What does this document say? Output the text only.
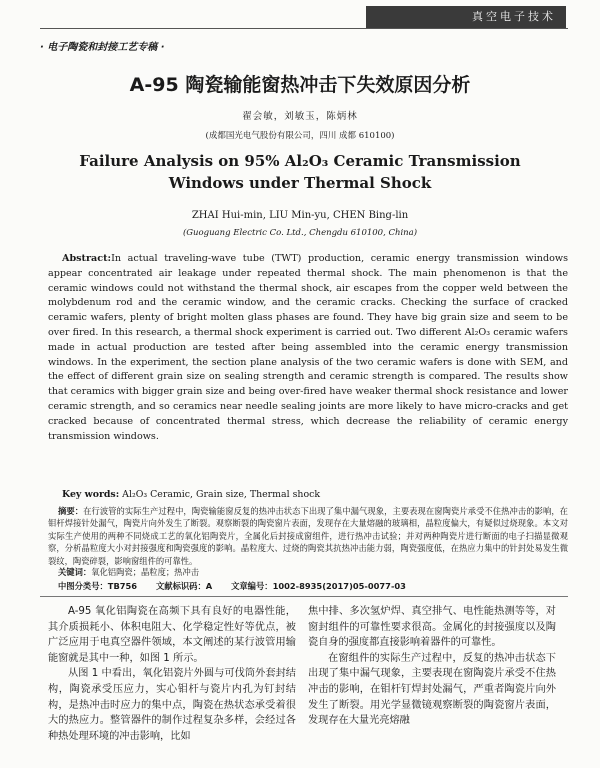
真空电子技术
· 电子陶瓷和封接工艺专稿 ·
A-95 陶瓷输能窗热冲击下失效原因分析
翟会敏，刘敏玉，陈炳林
(成都国光电气股份有限公司，四川 成都 610100)
Failure Analysis on 95% Al₂O₃ Ceramic Transmission
Windows under Thermal Shock
ZHAI Hui-min, LIU Min-yu, CHEN Bing-lin
(Guoguang Electric Co. Ltd., Chengdu 610100, China)
Abstract:In actual traveling-wave tube (TWT) production, ceramic energy transmission windows appear concentrated air leakage under repeated thermal shock. The main phenomenon is that the ceramic windows could not withstand the thermal shock, air escapes from the copper weld between the molybdenum rod and the ceramic window, and the ceramic cracks. Checking the surface of cracked ceramic wafers, plenty of bright molten glass phases are found. They have big grain size and seem to be over fired. In this research, a thermal shock experiment is carried out. Two different Al₂O₃ ceramic wafers made in actual production are tested after being assembled into the ceramic energy transmission windows. In the experiment, the section plane analysis of the two ceramic wafers is done with SEM, and the effect of different grain size on sealing strength and ceramic strength is compared. The results show that ceramics with bigger grain size and being over-fired have weaker thermal shock resistance and lower ceramic strength, and so ceramics near needle sealing joints are more likely to have micro-cracks and get cracked because of concentrated thermal stress, which decrease the reliability of ceramic energy transmission windows.
Key words: Al₂O₃ Ceramic, Grain size, Thermal shock
摘要：在行波管的实际生产过程中，陶瓷输能窗反复的热冲击状态下出现了集中漏气现象，主要表现在窗陶瓷片承受不住热冲击的影响，在钼杆焊接针处漏气，陶瓷片向外发生了断裂。观察断裂的陶瓷窗片表面，发现存在大量熔融的玻璃相，晶粒度偏大，有疑似过烧现象。本文对实际生产使用的两种不同烧成工艺的氧化铝陶瓷片，全属化后封接成窗组件，进行热冲击试验；并对两种陶瓷片进行断面的电子扫描显微观察，分析晶粒度大小对封接强度和陶瓷强度的影响。晶粒度大、过烧的陶瓷其抗热冲击能力弱，陶瓷强度低，在热应力集中的针封处易发生微裂纹，陶瓷碎裂，影响窗组件的可靠性。
关键词：氧化铝陶瓷；晶粒度；热冲击
中图分类号：TB756 文献标识码：A 文章编号：1002-8935(2017)05-0077-03

A-95 氧化铝陶瓷在高频下具有良好的电器性能，其介质损耗小、体积电阻大、化学稳定性好等优点，被广泛应用于电真空器件领域，本文阐述的某行波管用输能窗就是其中一种，如图 1 所示。

从图 1 中看出，氧化铝瓷片外圆与可伐筒外套封结构，陶瓷承受压应力，实心钼杆与瓷片内孔为钉封结构，是热冲击时应力的集中点，陶瓷在热状态承受着很大的热应力。整管器件的制作过程复杂多样，会经过各种热处理环境的冲击影响，比如

焦中排、多次氢炉焊、真空排气、电性能热测等等，对窗封组件的可靠性要求很高。金属化的封接强度以及陶瓷自身的强度都直接影响着器件的可靠性。

在窗组件的实际生产过程中，反复的热冲击状态下出现了集中漏气现象，主要表现在窗陶瓷片承受不住热冲击的影响，在钼杆钉焊封处漏气，严重者陶瓷片向外发生了断裂。用光学显微镜观察断裂的陶瓷窗片表面，发现存在大量光亮熔融
